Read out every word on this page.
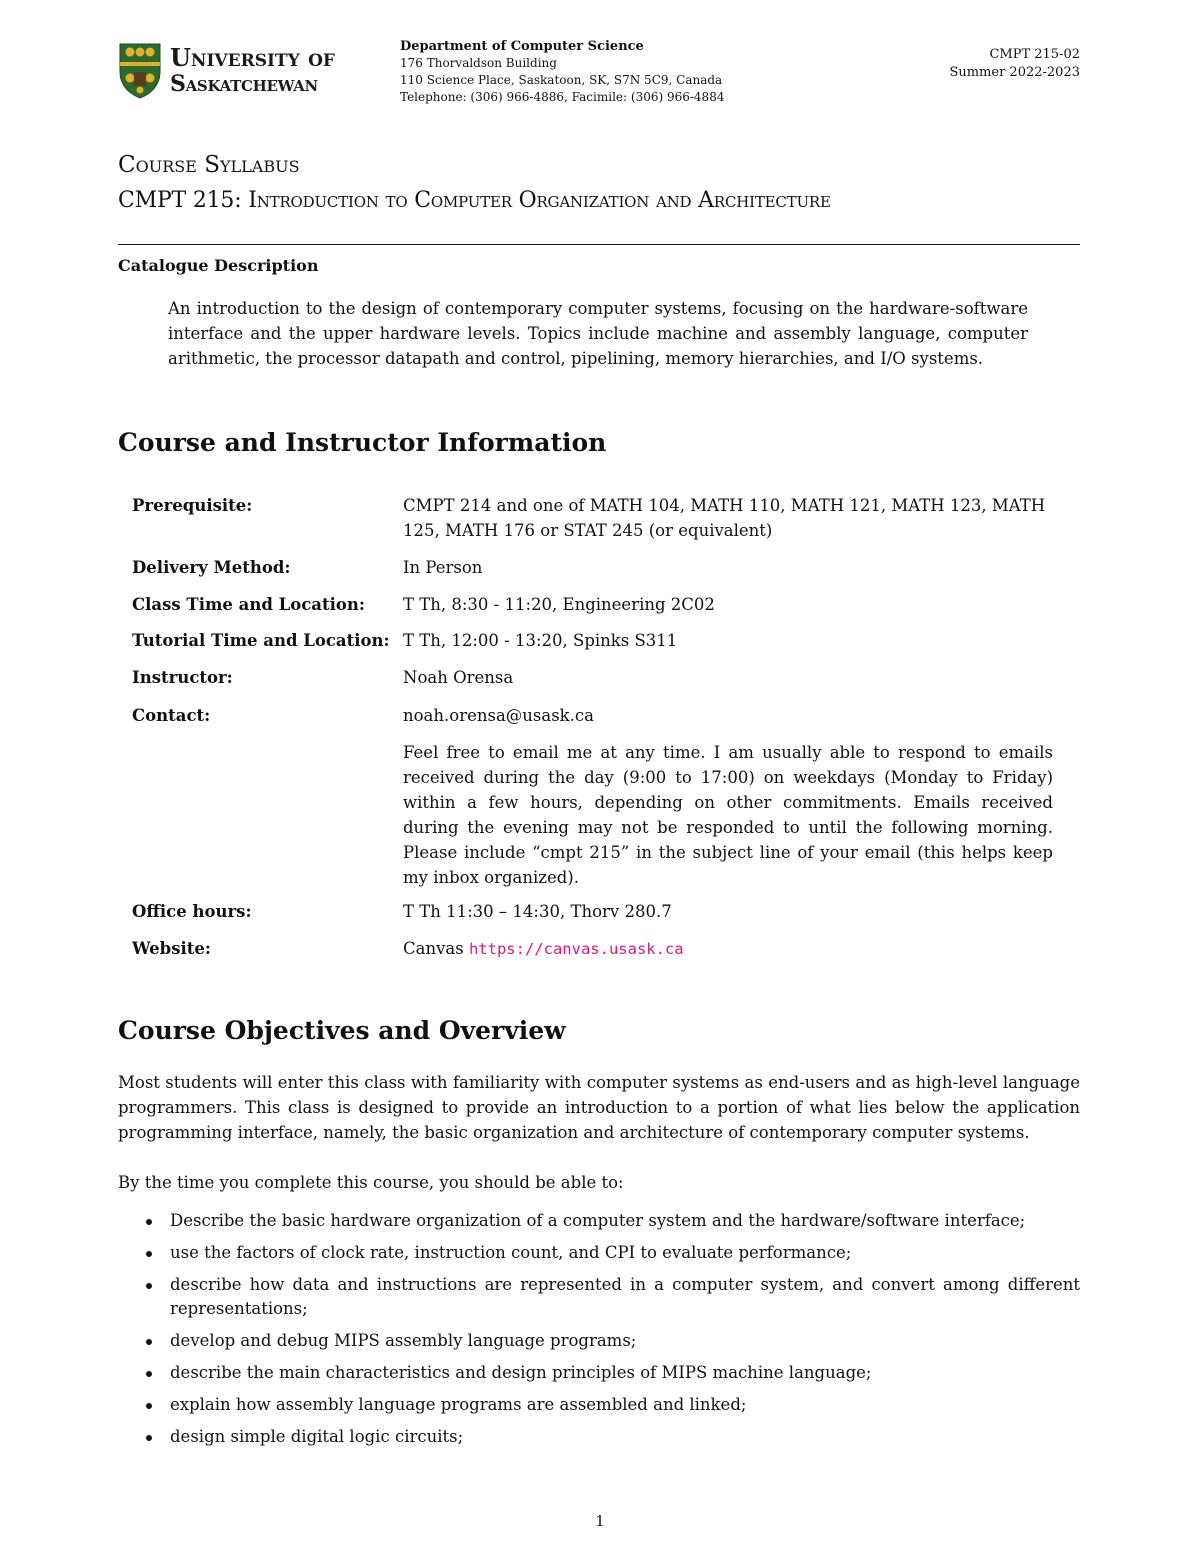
University of
Saskatchewan
Department of Computer Science
176 Thorvaldson Building
110 Science Place, Saskatoon, SK, S7N 5C9, Canada
Telephone: (306) 966-4886, Facimile: (306) 966-4884
CMPT 215-02
Summer 2022-2023
Course Syllabus
CMPT 215: Introduction to Computer Organization and Architecture
Catalogue Description
An introduction to the design of contemporary computer systems, focusing on the hardware-software interface and the upper hardware levels. Topics include machine and assembly language, computer arithmetic, the processor datapath and control, pipelining, memory hierarchies, and I/O systems.
Course and Instructor Information
Prerequisite:	CMPT 214 and one of MATH 104, MATH 110, MATH 121, MATH 123, MATH 125, MATH 176 or STAT 245 (or equivalent)
Delivery Method:	In Person
Class Time and Location: T Th, 8:30 - 11:20, Engineering 2C02
Tutorial Time and Location: T Th, 12:00 - 13:20, Spinks S311
Instructor:	Noah Orensa
Contact:	noah.orensa@usask.ca
Feel free to email me at any time. I am usually able to respond to emails received during the day (9:00 to 17:00) on weekdays (Monday to Friday) within a few hours, depending on other commitments. Emails received during the evening may not be responded to until the following morning. Please include “cmpt 215” in the subject line of your email (this helps keep my inbox organized).
Office hours:	T Th 11:30 – 14:30, Thorv 280.7
Website:	Canvas https://canvas.usask.ca
Course Objectives and Overview
Most students will enter this class with familiarity with computer systems as end-users and as high-level language programmers. This class is designed to provide an introduction to a portion of what lies below the application programming interface, namely, the basic organization and architecture of contemporary computer systems.
By the time you complete this course, you should be able to:
Describe the basic hardware organization of a computer system and the hardware/software interface;
use the factors of clock rate, instruction count, and CPI to evaluate performance;
describe how data and instructions are represented in a computer system, and convert among different representations;
develop and debug MIPS assembly language programs;
describe the main characteristics and design principles of MIPS machine language;
explain how assembly language programs are assembled and linked;
design simple digital logic circuits;
1
